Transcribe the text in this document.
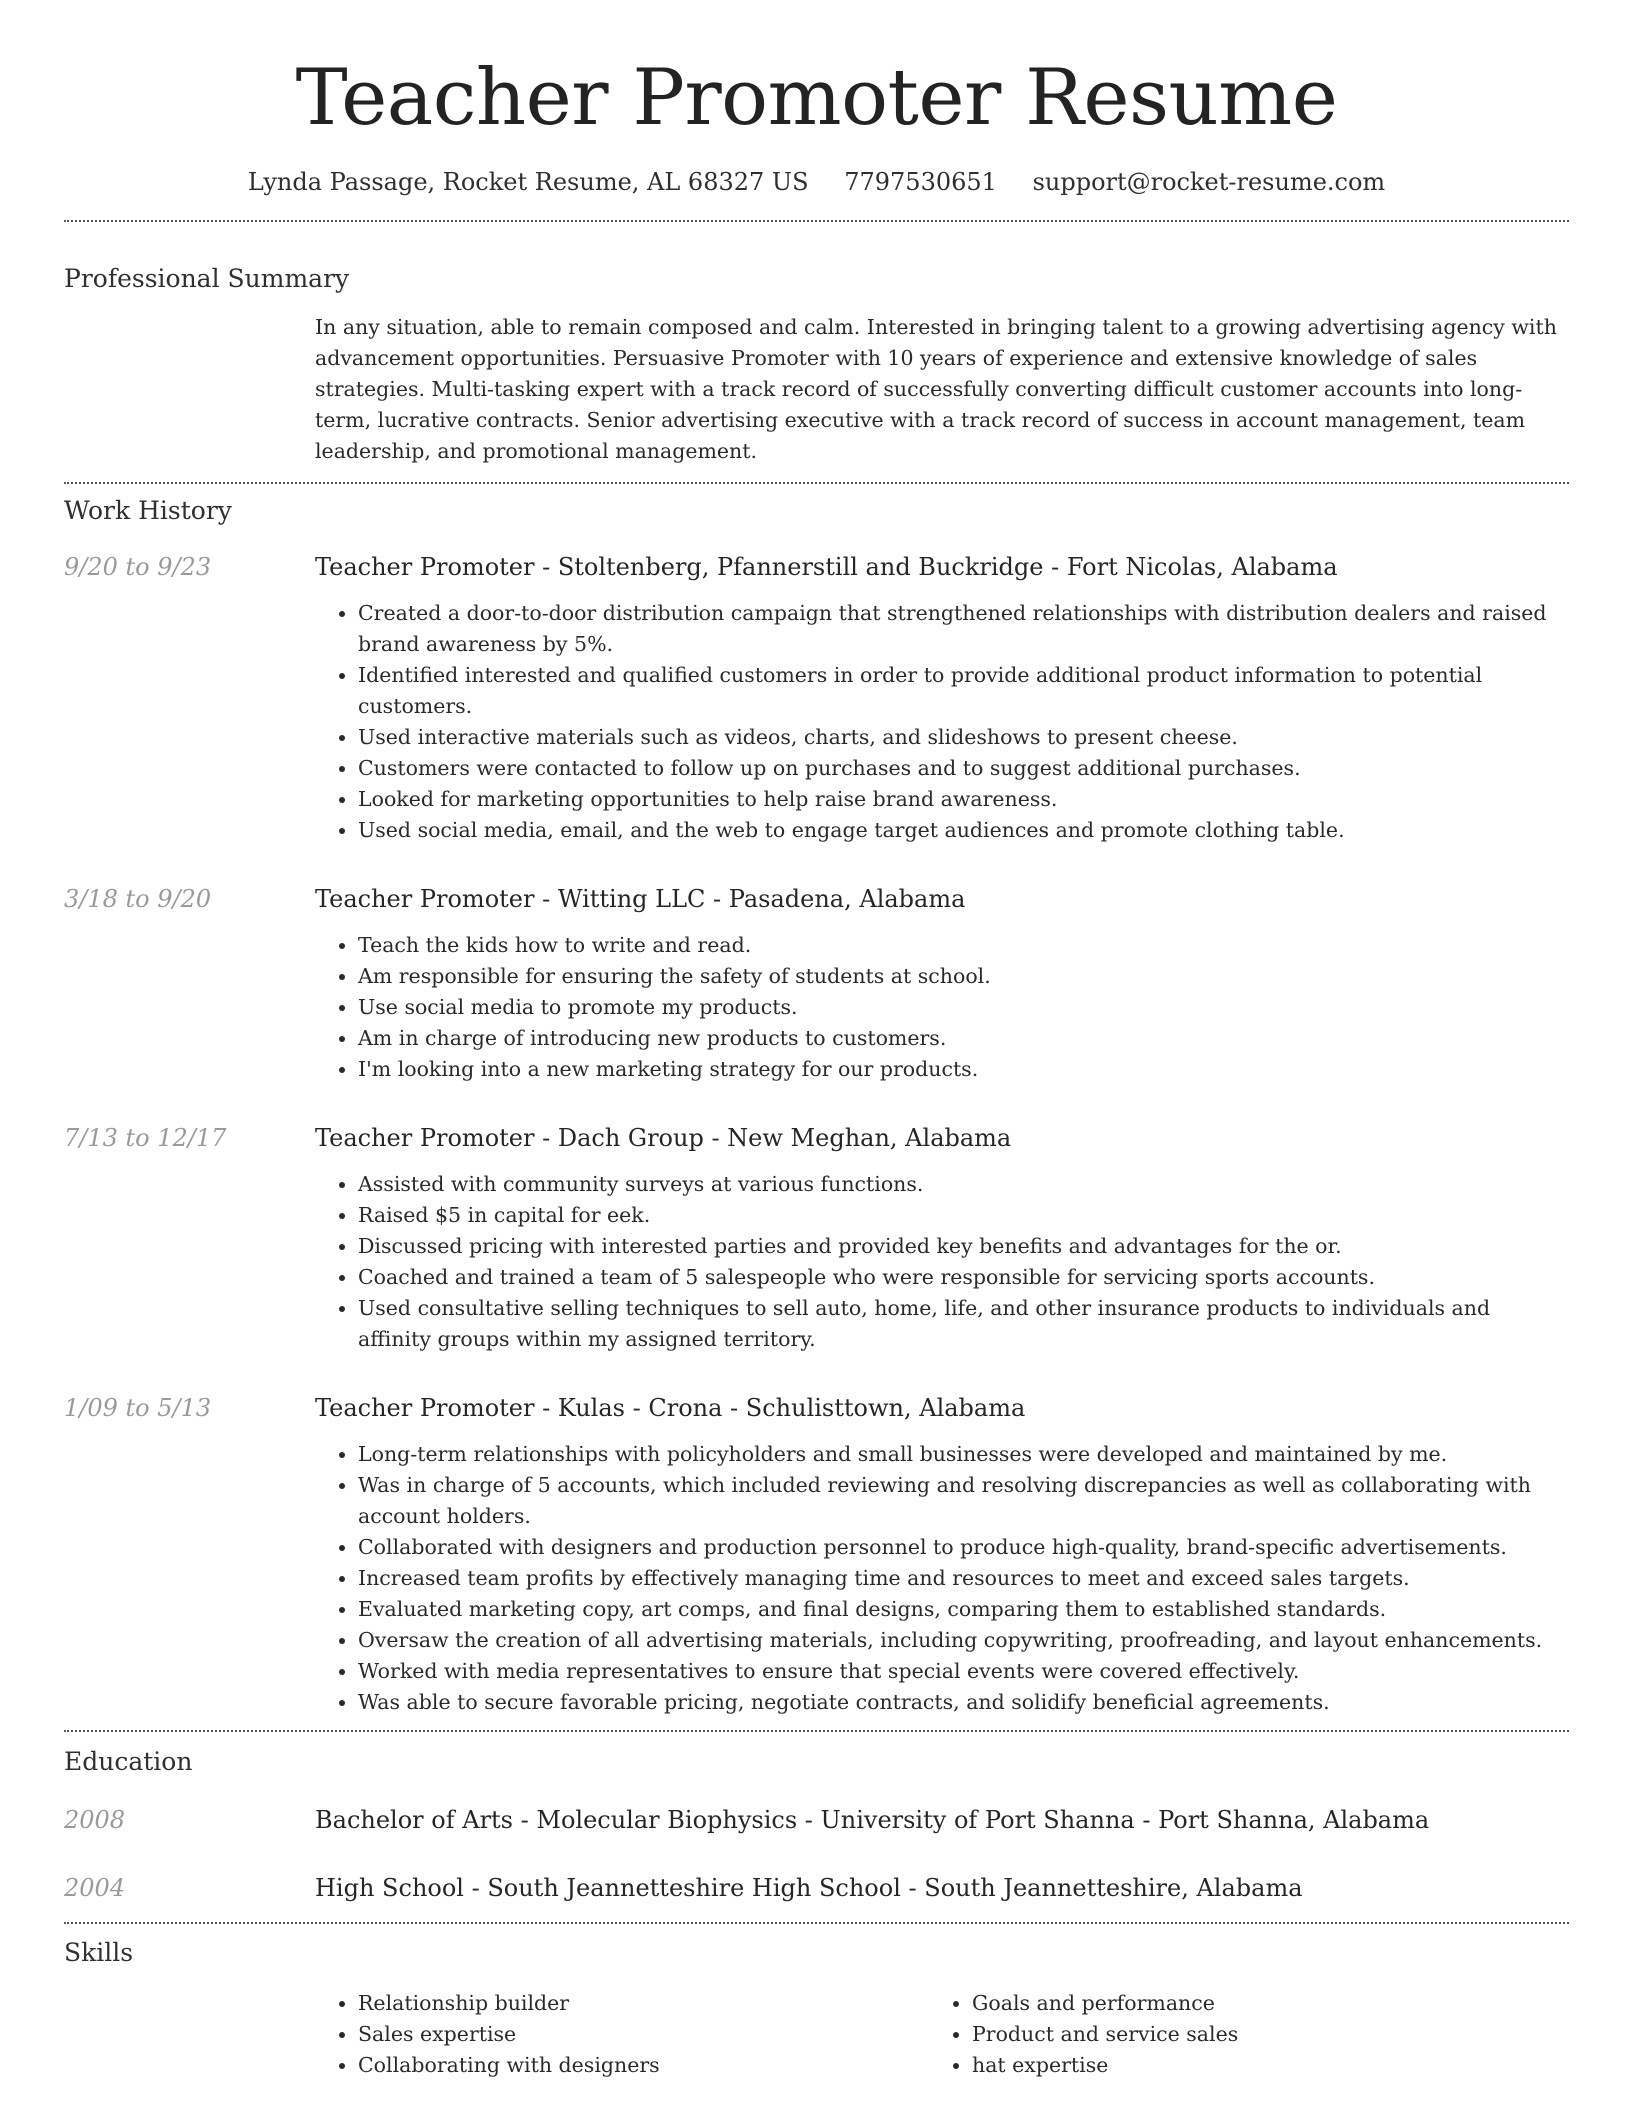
Teacher Promoter Resume
Lynda Passage, Rocket Resume, AL 68327 US 7797530651 support@rocket-resume.com
Professional Summary
In any situation, able to remain composed and calm. Interested in bringing talent to a growing advertising agency with advancement opportunities. Persuasive Promoter with 10 years of experience and extensive knowledge of sales strategies. Multi-tasking expert with a track record of successfully converting difficult customer accounts into long-term, lucrative contracts. Senior advertising executive with a track record of success in account management, team leadership, and promotional management.
Work History
9/20 to 9/23	Teacher Promoter - Stoltenberg, Pfannerstill and Buckridge - Fort Nicolas, Alabama
• Created a door-to-door distribution campaign that strengthened relationships with distribution dealers and raised brand awareness by 5%.
• Identified interested and qualified customers in order to provide additional product information to potential customers.
• Used interactive materials such as videos, charts, and slideshows to present cheese.
• Customers were contacted to follow up on purchases and to suggest additional purchases.
• Looked for marketing opportunities to help raise brand awareness.
• Used social media, email, and the web to engage target audiences and promote clothing table.
3/18 to 9/20	Teacher Promoter - Witting LLC - Pasadena, Alabama
• Teach the kids how to write and read.
• Am responsible for ensuring the safety of students at school.
• Use social media to promote my products.
• Am in charge of introducing new products to customers.
• I'm looking into a new marketing strategy for our products.
7/13 to 12/17	Teacher Promoter - Dach Group - New Meghan, Alabama
• Assisted with community surveys at various functions.
• Raised $5 in capital for eek.
• Discussed pricing with interested parties and provided key benefits and advantages for the or.
• Coached and trained a team of 5 salespeople who were responsible for servicing sports accounts.
• Used consultative selling techniques to sell auto, home, life, and other insurance products to individuals and affinity groups within my assigned territory.
1/09 to 5/13	Teacher Promoter - Kulas - Crona - Schulisttown, Alabama
• Long-term relationships with policyholders and small businesses were developed and maintained by me.
• Was in charge of 5 accounts, which included reviewing and resolving discrepancies as well as collaborating with account holders.
• Collaborated with designers and production personnel to produce high-quality, brand-specific advertisements.
• Increased team profits by effectively managing time and resources to meet and exceed sales targets.
• Evaluated marketing copy, art comps, and final designs, comparing them to established standards.
• Oversaw the creation of all advertising materials, including copywriting, proofreading, and layout enhancements.
• Worked with media representatives to ensure that special events were covered effectively.
• Was able to secure favorable pricing, negotiate contracts, and solidify beneficial agreements.
Education
2008	Bachelor of Arts - Molecular Biophysics - University of Port Shanna - Port Shanna, Alabama
2004	High School - South Jeannetteshire High School - South Jeannetteshire, Alabama
Skills
• Relationship builder
• Sales expertise
• Collaborating with designers
• Goals and performance
• Product and service sales
• hat expertise
